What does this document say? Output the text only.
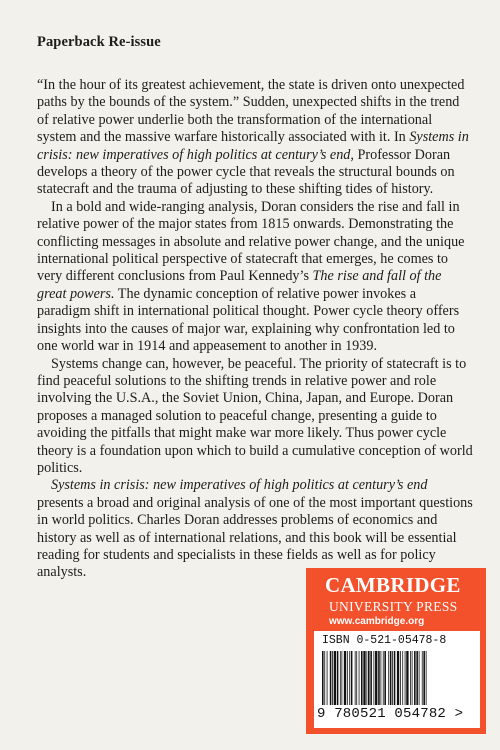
Paperback Re-issue

“In the hour of its greatest achievement, the state is driven onto unexpected paths by the bounds of the system.” Sudden, unexpected shifts in the trend of relative power underlie both the transformation of the international system and the massive warfare historically associated with it. In Systems in crisis: new imperatives of high politics at century’s end, Professor Doran develops a theory of the power cycle that reveals the structural bounds on statecraft and the trauma of adjusting to these shifting tides of history.

In a bold and wide-ranging analysis, Doran considers the rise and fall in relative power of the major states from 1815 onwards. Demonstrating the conflicting messages in absolute and relative power change, and the unique international political perspective of statecraft that emerges, he comes to very different conclusions from Paul Kennedy’s The rise and fall of the great powers. The dynamic conception of relative power invokes a paradigm shift in international political thought. Power cycle theory offers insights into the causes of major war, explaining why confrontation led to one world war in 1914 and appeasement to another in 1939.

Systems change can, however, be peaceful. The priority of statecraft is to find peaceful solutions to the shifting trends in relative power and role involving the U.S.A., the Soviet Union, China, Japan, and Europe. Doran proposes a managed solution to peaceful change, presenting a guide to avoiding the pitfalls that might make war more likely. Thus power cycle theory is a foundation upon which to build a cumulative conception of world politics.

Systems in crisis: new imperatives of high politics at century’s end presents a broad and original analysis of one of the most important questions in world politics. Charles Doran addresses problems of economics and history as well as of international relations, and this book will be essential reading for students and specialists in these fields as well as for policy analysts.

CAMBRIDGE
UNIVERSITY PRESS
www.cambridge.org
ISBN 0-521-05478-8
9 780521 054782 >
